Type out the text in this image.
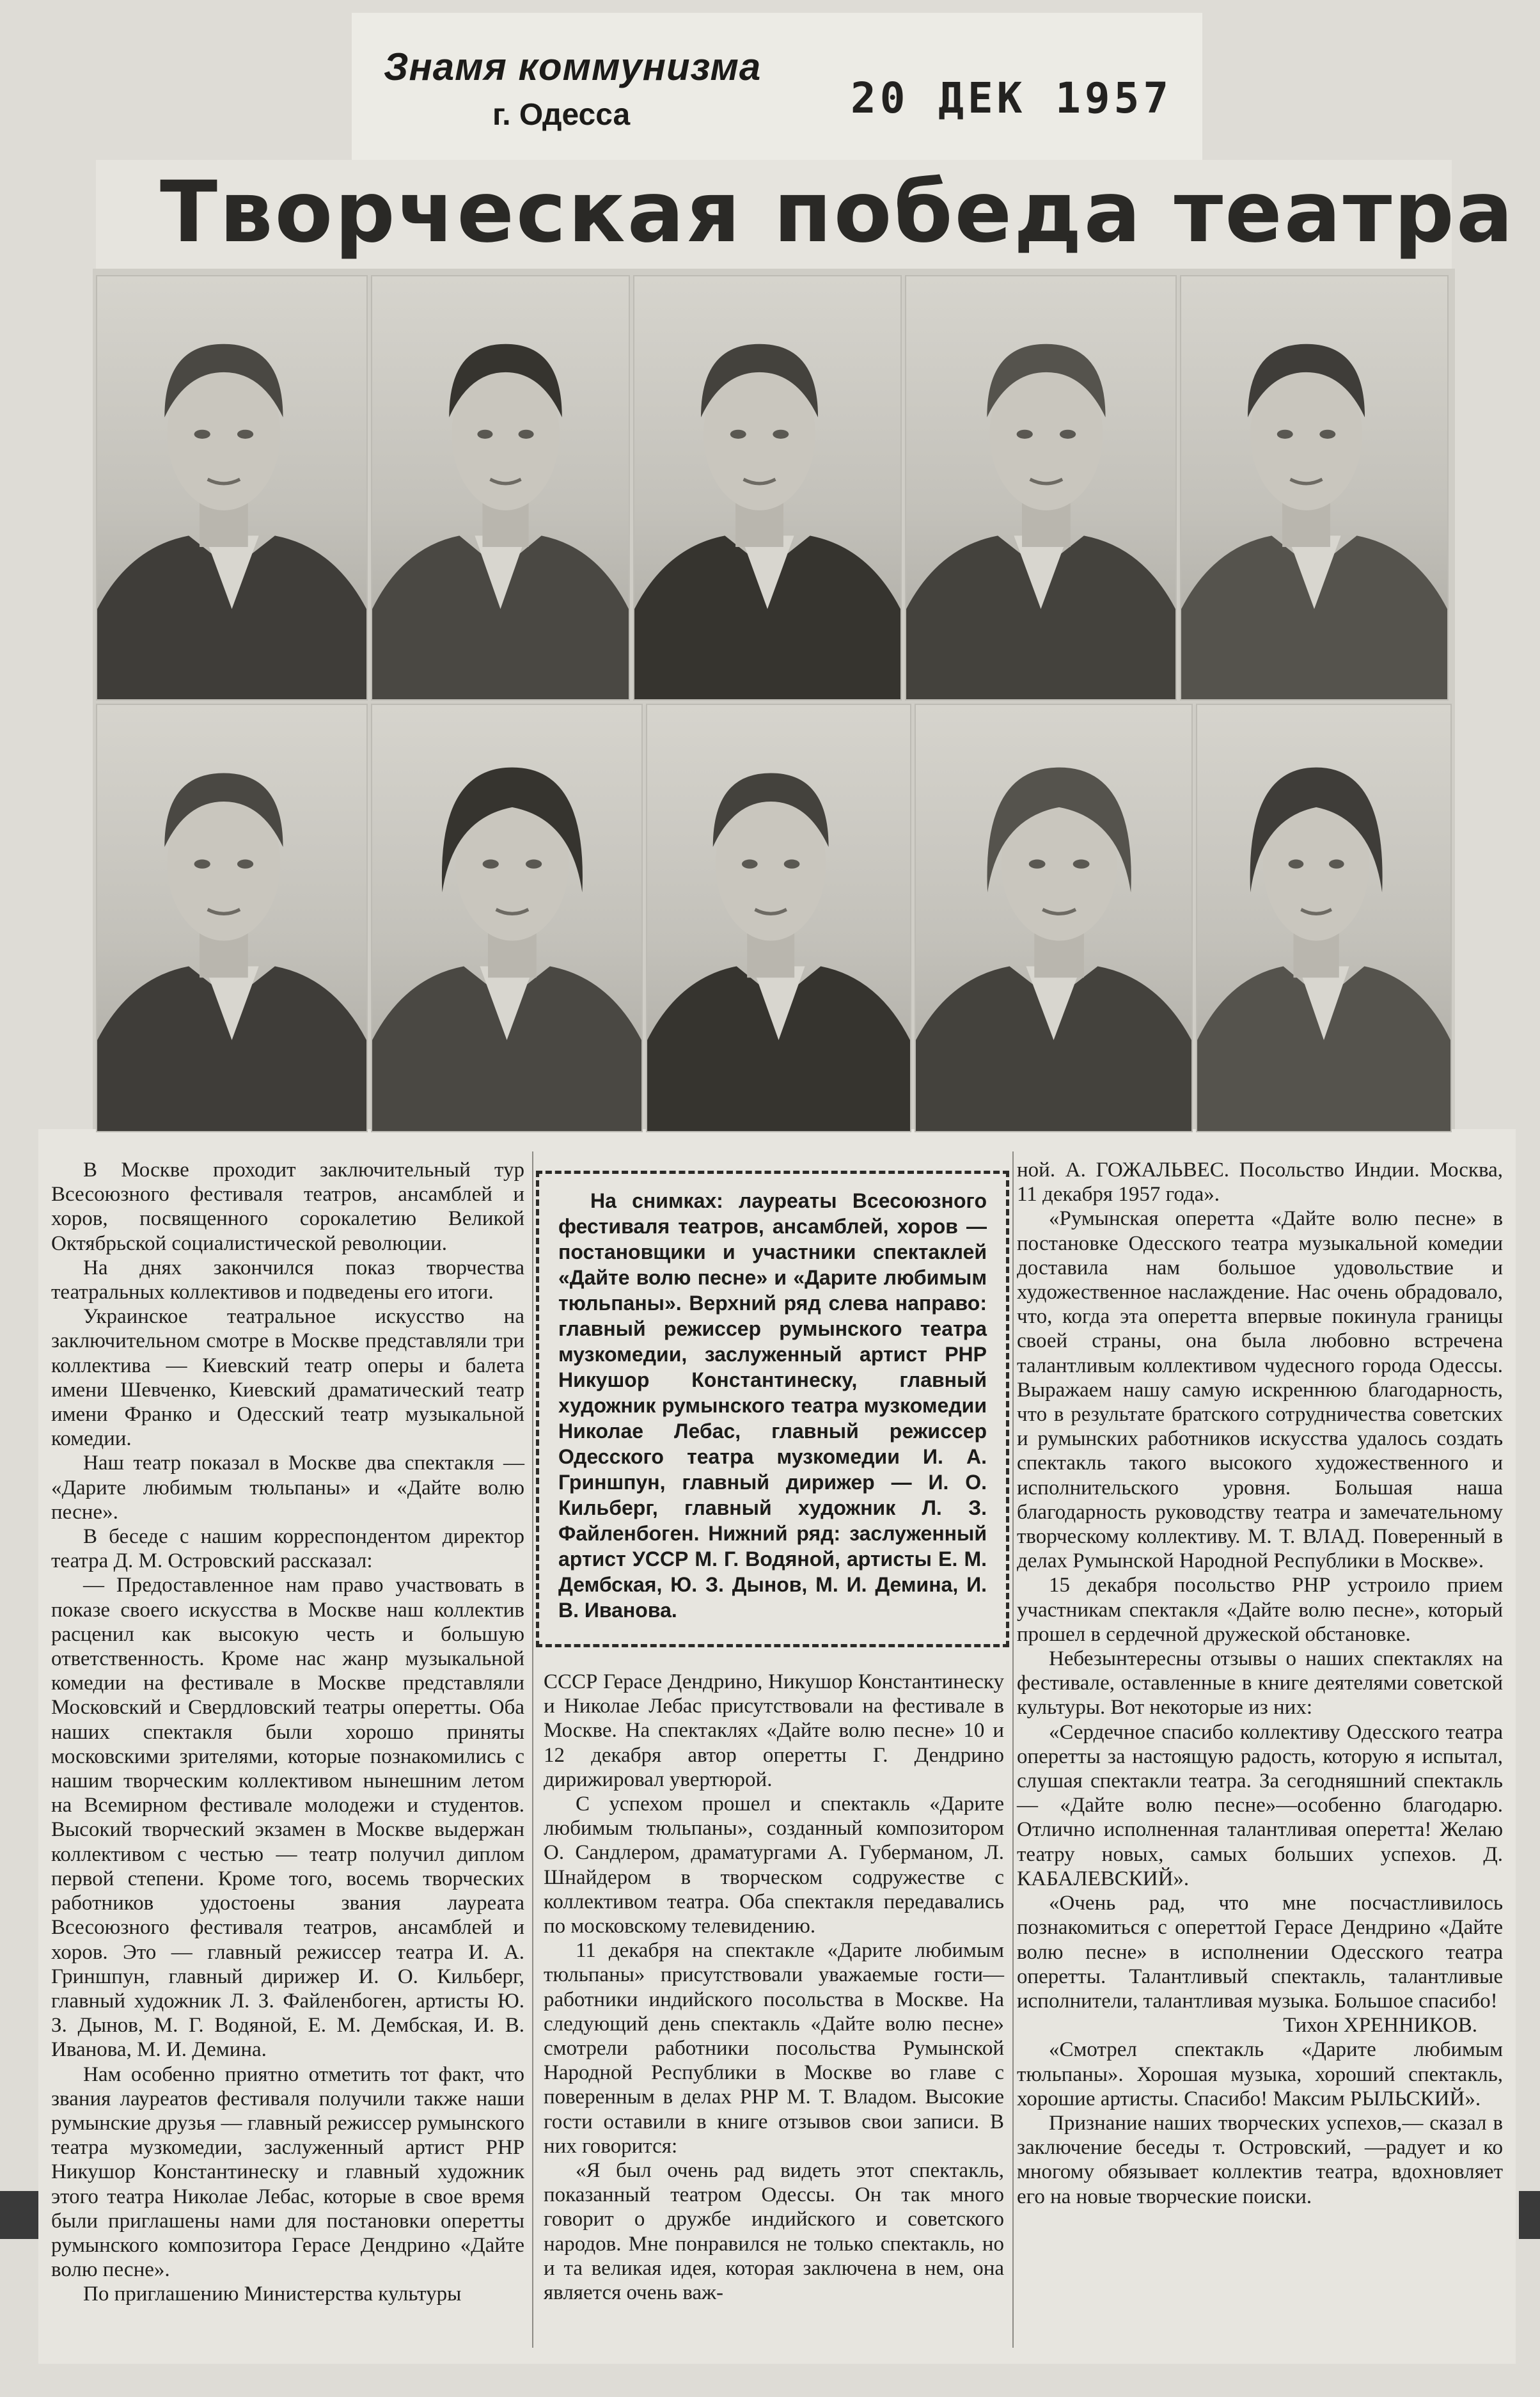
Знамя коммунизма
г. Одесса	20 ДЕК 1957
Творческая победа театра

В Москве проходит заключительный тур Всесоюзного фестиваля театров, ансамблей и хоров, посвященного сорокалетию Великой Октябрьской социалистической революции.

На днях закончился показ творчества театральных коллективов и подведены его итоги.

Украинское театральное искусство на заключительном смотре в Москве представляли три коллектива — Киевский театр оперы и балета имени Шевченко, Киевский драматический театр имени Франко и Одесский театр музыкальной комедии.

Наш театр показал в Москве два спектакля — «Дарите любимым тюльпаны» и «Дайте волю песне».

В беседе с нашим корреспондентом директор театра Д. М. Островский рассказал:

— Предоставленное нам право участвовать в показе своего искусства в Москве наш коллектив расценил как высокую честь и большую ответственность. Кроме нас жанр музыкальной комедии на фестивале в Москве представляли Московский и Свердловский театры оперетты. Оба наших спектакля были хорошо приняты московскими зрителями, которые познакомились с нашим творческим коллективом нынешним летом на Всемирном фестивале молодежи и студентов. Высокий творческий экзамен в Москве выдержан коллективом с честью — театр получил диплом первой степени. Кроме того, восемь творческих работников удостоены звания лауреата Всесоюзного фестиваля театров, ансамблей и хоров. Это — главный режиссер театра И. А. Гриншпун, главный дирижер И. О. Кильберг, главный художник Л. З. Файленбоген, артисты Ю. З. Дынов, М. Г. Водяной, Е. М. Дембская, И. В. Иванова, М. И. Демина.

Нам особенно приятно отметить тот факт, что звания лауреатов фестиваля получили также наши румынские друзья — главный режиссер румынского театра музкомедии, заслуженный артист РНР Никушор Константинеску и главный художник этого театра Николае Лебас, которые в свое время были приглашены нами для постановки оперетты румынского композитора Герасе Дендрино «Дайте волю песне».

По приглашению Министерства культуры

На снимках: лауреаты Всесоюзного фестиваля театров, ансамблей, хоров — постановщики и участники спектаклей «Дайте волю песне» и «Дарите любимым тюльпаны». Верхний ряд слева направо: главный режиссер румынского театра музкомедии, заслуженный артист РНР Никушор Константинеску, главный художник румынского театра музкомедии Николае Лебас, главный режиссер Одесского театра музкомедии И. А. Гриншпун, главный дирижер — И. О. Кильберг, главный художник Л. З. Файленбоген. Нижний ряд: заслуженный артист УССР М. Г. Водяной, артисты Е. М. Дембская, Ю. З. Дынов, М. И. Демина, И. В. Иванова.

СССР Герасе Дендрино, Никушор Константинеску и Николае Лебас присутствовали на фестивале в Москве. На спектаклях «Дайте волю песне» 10 и 12 декабря автор оперетты Г. Дендрино дирижировал увертюрой.

С успехом прошел и спектакль «Дарите любимым тюльпаны», созданный композитором О. Сандлером, драматургами А. Губерманом, Л. Шнайдером в творческом содружестве с коллективом театра. Оба спектакля передавались по московскому телевидению.

11 декабря на спектакле «Дарите любимым тюльпаны» присутствовали уважаемые гости—работники индийского посольства в Москве. На следующий день спектакль «Дайте волю песне» смотрели работники посольства Румынской Народной Республики в Москве во главе с поверенным в делах РНР М. Т. Владом. Высокие гости оставили в книге отзывов свои записи. В них говорится:

«Я был очень рад видеть этот спектакль, показанный театром Одессы. Он так много говорит о дружбе индийского и советского народов. Мне понравился не только спектакль, но и та великая идея, которая заключена в нем, она является очень важ-

ной. А. ГОЖАЛЬВЕС. Посольство Индии. Москва, 11 декабря 1957 года».

«Румынская оперетта «Дайте волю песне» в постановке Одесского театра музыкальной комедии доставила нам большое удовольствие и художественное наслаждение. Нас очень обрадовало, что, когда эта оперетта впервые покинула границы своей страны, она была любовно встречена талантливым коллективом чудесного города Одессы. Выражаем нашу самую искреннюю благодарность, что в результате братского сотрудничества советских и румынских работников искусства удалось создать спектакль такого высокого художественного и исполнительского уровня. Большая наша благодарность руководству театра и замечательному творческому коллективу. М. Т. ВЛАД. Поверенный в делах Румынской Народной Республики в Москве».

15 декабря посольство РНР устроило прием участникам спектакля «Дайте волю песне», который прошел в сердечной дружеской обстановке.

Небезынтересны отзывы о наших спектаклях на фестивале, оставленные в книге деятелями советской культуры. Вот некоторые из них:

«Сердечное спасибо коллективу Одесского театра оперетты за настоящую радость, которую я испытал, слушая спектакли театра. За сегодняшний спектакль — «Дайте волю песне»—особенно благодарю. Отлично исполненная талантливая оперетта! Желаю театру новых, самых больших успехов. Д. КАБАЛЕВСКИЙ».

«Очень рад, что мне посчастливилось познакомиться с опереттой Герасе Дендрино «Дайте волю песне» в исполнении Одесского театра оперетты. Талантливый спектакль, талантливые исполнители, талантливая музыка. Большое спасибо!

Тихон ХРЕННИКОВ.

«Смотрел спектакль «Дарите любимым тюльпаны». Хорошая музыка, хороший спектакль, хорошие артисты. Спасибо! Максим РЫЛЬСКИЙ».

Признание наших творческих успехов,— сказал в заключение беседы т. Островский, —радует и ко многому обязывает коллектив театра, вдохновляет его на новые творческие поиски.
